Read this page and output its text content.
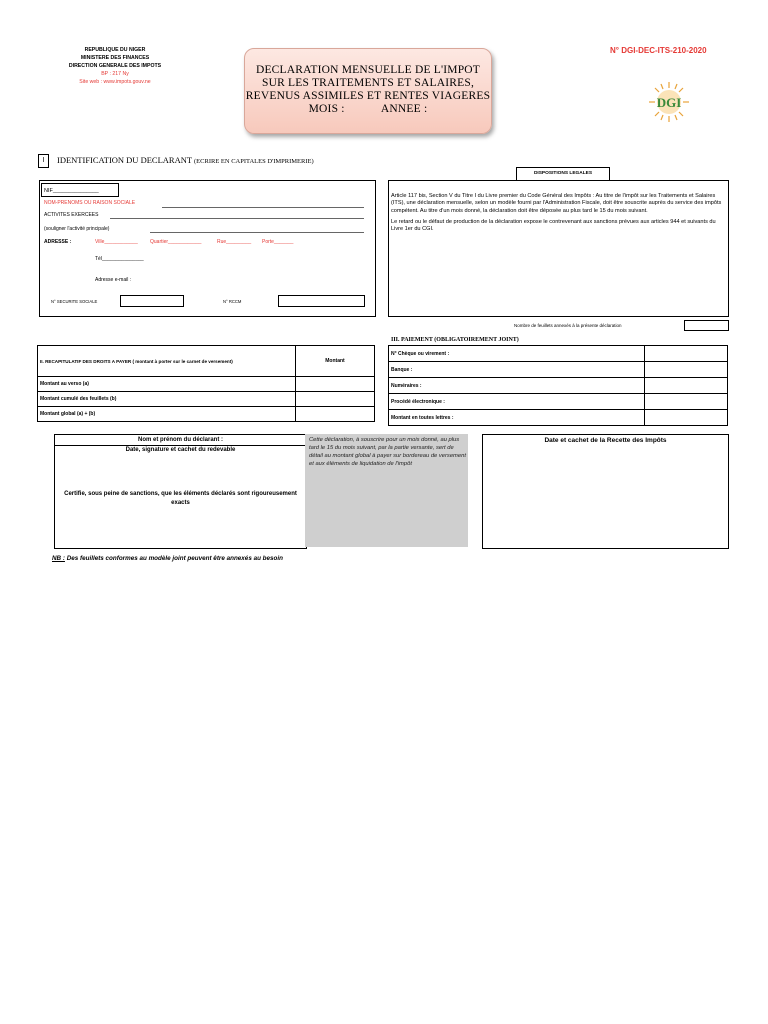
REPUBLIQUE DU NIGER
MINISTERE DES FINANCES
DIRECTION GENERALE DES IMPOTS
BP : 217 Ny
Site web : www.impots.gouv.ne
DECLARATION MENSUELLE DE L'IMPOT
SUR LES TRAITEMENTS ET SALAIRES,
REVENUS ASSIMILES ET RENTES VIAGERES
MOIS :            ANNEE :
N° DGI-DEC-ITS-210-2020
DGI
I	IDENTIFICATION DU DECLARANT (ECRIRE EN CAPITALES D'IMPRIMERIE)
NIF_______________
NOM-PRENOMS OU RAISON SOCIALE
ACTIVITES EXERCEES
(souligner l'activité principale)
ADRESSE :	Ville____________ Quartier____________	Rue_________ Porte_______
Tél_______________
Adresse e-mail :
N° SECURITE SOCIALE	N° RCCM
DISPOSITIONS LEGALES
Article 117 bis, Section V du Titre I du Livre premier du Code Général des Impôts : Au titre de l'impôt sur les Traitements et Salaires (ITS), une déclaration mensuelle, selon un modèle fourni par l'Administration Fiscale, doit être souscrite auprès du service des impôts compétent. Au titre d'un mois donné, la déclaration doit être déposée au plus tard le 15 du mois suivant.
Le retard ou le défaut de production de la déclaration expose le contrevenant aux sanctions prévues aux articles 944 et suivants du Livre 1er du CGI.
Nombre de feuillets annexés à la présente déclaration
II. RECAPITULATIF DES DROITS A PAYER ( montant à porter sur le carnet de versement)	Montant
Montant au verso (a)	
Montant cumulé des feuillets (b)	
Montant global (a) + (b)	
III. PAIEMENT (OBLIGATOIREMENT JOINT)
N° Chèque ou virement :	
Banque :	
Numéraires :	
Procédé électronique :	
Montant en toutes lettres :	
Nom et prénom du déclarant :
Date, signature et cachet du redevable
Certifie, sous peine de sanctions, que les éléments déclarés sont rigoureusement exacts
Cette déclaration, à souscrire pour un mois donné, au plus tard le 15 du mois suivant, par la partie versante, sert de détail au montant global à payer sur bordereau de versement et aux éléments de liquidation de l'impôt
Date et cachet de la Recette des Impôts
NB : Des feuillets conformes au modèle joint peuvent être annexés au besoin
